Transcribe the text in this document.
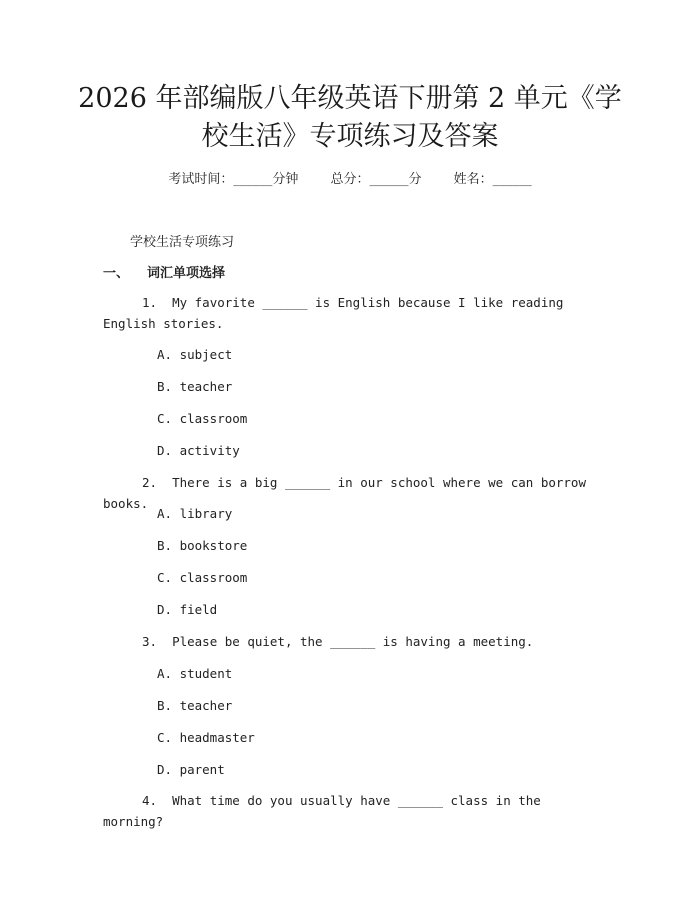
2026 年部编版八年级英语下册第 2 单元《学
校生活》专项练习及答案
考试时间：______分钟 总分：______分 姓名：______
学校生活专项练习
一、 词汇单项选择
1. My favorite ______ is English because I like reading English stories.
A. subject
B. teacher
C. classroom
D. activity
2. There is a big ______ in our school where we can borrow books.
A. library
B. bookstore
C. classroom
D. field
3. Please be quiet, the ______ is having a meeting.
A. student
B. teacher
C. headmaster
D. parent
4. What time do you usually have ______ class in the morning?
